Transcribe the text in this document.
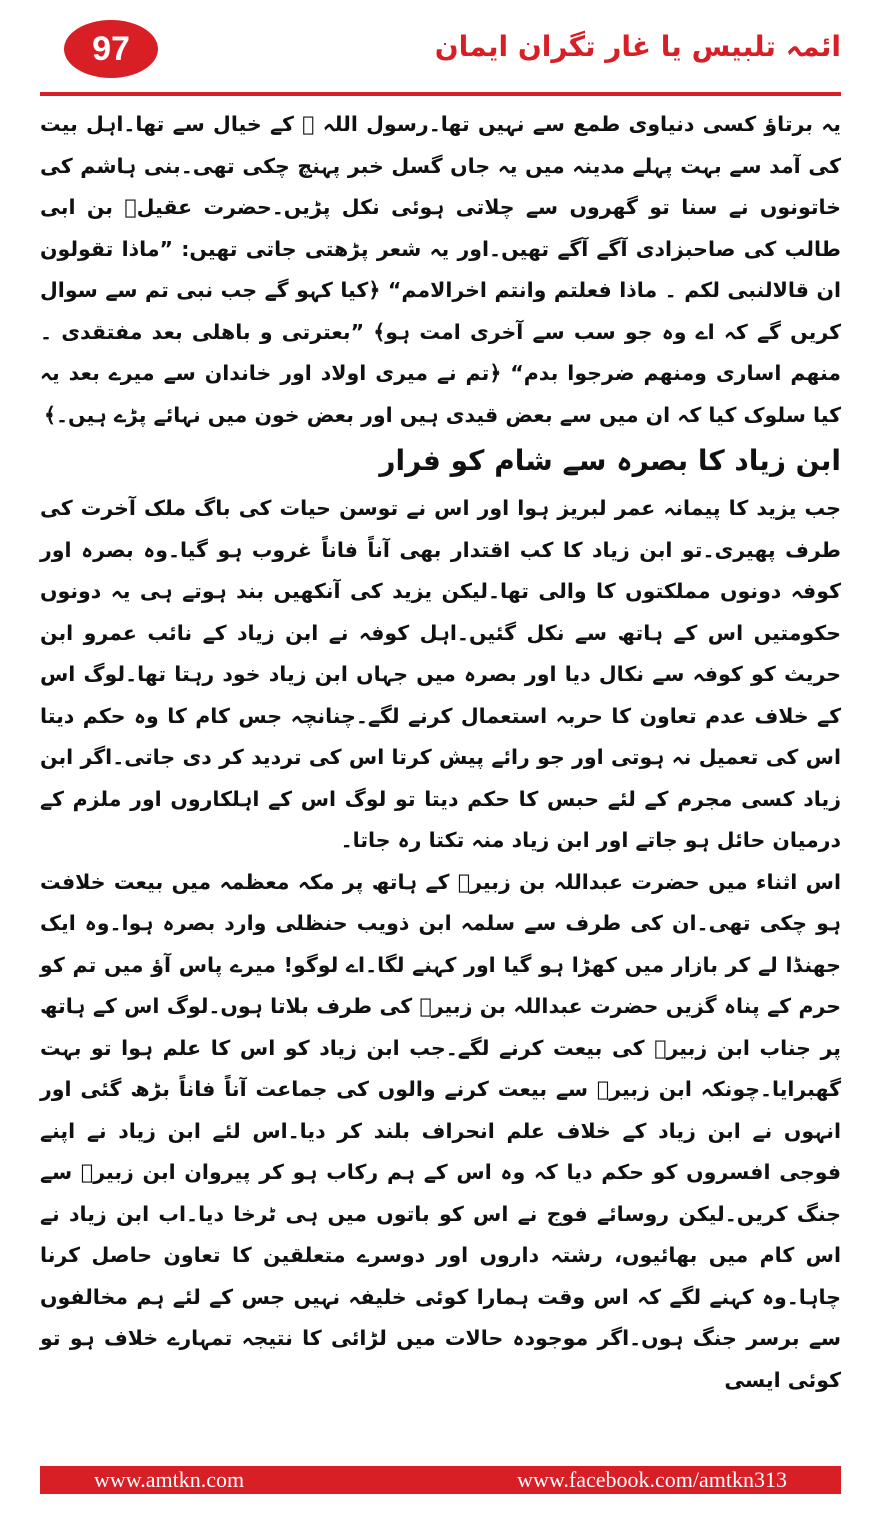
97	ائمہ تلبیس یا غار تگران ایمان

یہ برتاؤ کسی دنیاوی طمع سے نہیں تھا۔رسول اللہ ﷺ کے خیال سے تھا۔اہل بیت کی آمد سے بہت پہلے مدینہ میں یہ جاں گسل خبر پہنچ چکی تھی۔بنی ہاشم کی خاتونوں نے سنا تو گھروں سے چلاتی ہوئی نکل پڑیں۔حضرت عقیلؓ بن ابی طالب کی صاحبزادی آگے آگے تھیں۔اور یہ شعر پڑھتی جاتی تھیں: ”ماذا تقولون ان قالالنبی لکم ۔ ماذا فعلتم وانتم اخرالامم“ ﴿کیا کہو گے جب نبی تم سے سوال کریں گے کہ اے وہ جو سب سے آخری امت ہو﴾ ”بعترتی و باھلی بعد مفتقدی ۔ منھم اساری ومنھم ضرجوا بدم“ ﴿تم نے میری اولاد اور خاندان سے میرے بعد یہ کیا سلوک کیا کہ ان میں سے بعض قیدی ہیں اور بعض خون میں نہائے پڑے ہیں۔﴾

ابن زیاد کا بصرہ سے شام کو فرار

جب یزید کا پیمانہ عمر لبریز ہوا اور اس نے توسن حیات کی باگ ملک آخرت کی طرف پھیری۔تو ابن زیاد کا کب اقتدار بھی آناً فاناً غروب ہو گیا۔وہ بصرہ اور کوفہ دونوں مملکتوں کا والی تھا۔لیکن یزید کی آنکھیں بند ہوتے ہی یہ دونوں حکومتیں اس کے ہاتھ سے نکل گئیں۔اہل کوفہ نے ابن زیاد کے نائب عمرو ابن حریث کو کوفہ سے نکال دیا اور بصرہ میں جہاں ابن زیاد خود رہتا تھا۔لوگ اس کے خلاف عدم تعاون کا حربہ استعمال کرنے لگے۔چنانچہ جس کام کا وہ حکم دیتا اس کی تعمیل نہ ہوتی اور جو رائے پیش کرتا اس کی تردید کر دی جاتی۔اگر ابن زیاد کسی مجرم کے لئے حبس کا حکم دیتا تو لوگ اس کے اہلکاروں اور ملزم کے درمیان حائل ہو جاتے اور ابن زیاد منہ تکتا رہ جاتا۔

اس اثناء میں حضرت عبداللہ بن زبیرؓ کے ہاتھ پر مکہ معظمہ میں بیعت خلافت ہو چکی تھی۔ان کی طرف سے سلمہ ابن ذویب حنظلی وارد بصرہ ہوا۔وہ ایک جھنڈا لے کر بازار میں کھڑا ہو گیا اور کہنے لگا۔اے لوگو! میرے پاس آؤ میں تم کو حرم کے پناہ گزیں حضرت عبداللہ بن زبیرؓ کی طرف بلاتا ہوں۔لوگ اس کے ہاتھ پر جناب ابن زبیرؓ کی بیعت کرنے لگے۔جب ابن زیاد کو اس کا علم ہوا تو بہت گھبرایا۔چونکہ ابن زبیرؓ سے بیعت کرنے والوں کی جماعت آناً فاناً بڑھ گئی اور انہوں نے ابن زیاد کے خلاف علم انحراف بلند کر دیا۔اس لئے ابن زیاد نے اپنے فوجی افسروں کو حکم دیا کہ وہ اس کے ہم رکاب ہو کر پیروان ابن زبیرؓ سے جنگ کریں۔لیکن روسائے فوج نے اس کو باتوں میں ہی ٹرخا دیا۔اب ابن زیاد نے اس کام میں بھائیوں، رشتہ داروں اور دوسرے متعلقین کا تعاون حاصل کرنا چاہا۔وہ کہنے لگے کہ اس وقت ہمارا کوئی خلیفہ نہیں جس کے لئے ہم مخالفوں سے برسر جنگ ہوں۔اگر موجودہ حالات میں لڑائی کا نتیجہ تمہارے خلاف ہو تو کوئی ایسی

www.amtkn.com	www.facebook.com/amtkn313
